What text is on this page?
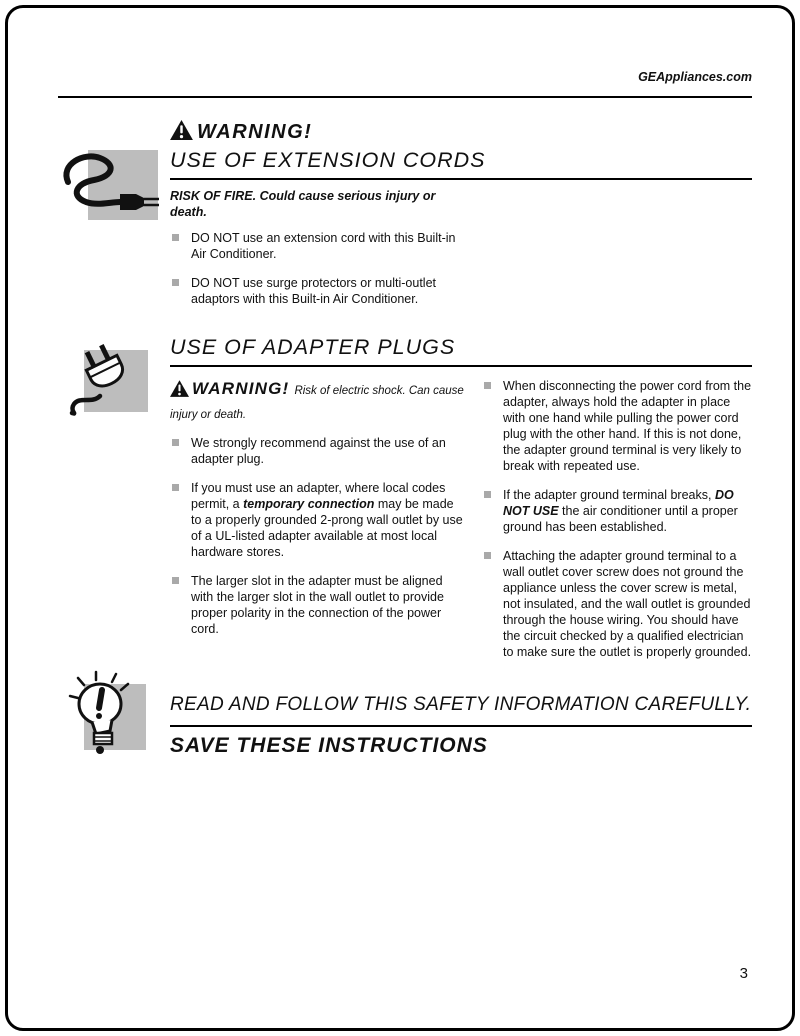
GEAppliances.com
WARNING!
USE OF EXTENSION CORDS

RISK OF FIRE. Could cause serious injury or death.

DO NOT use an extension cord with this Built-in Air Conditioner.
DO NOT use surge protectors or multi-outlet adaptors with this Built-in Air Conditioner.
USE OF ADAPTER PLUGS
WARNING! Risk of electric shock. Can cause injury or death.
We strongly recommend against the use of an adapter plug.
If you must use an adapter, where local codes permit, a temporary connection may be made to a properly grounded 2-prong wall outlet by use of a UL-listed adapter available at most local hardware stores.
The larger slot in the adapter must be aligned with the larger slot in the wall outlet to provide proper polarity in the connection of the power cord.
When disconnecting the power cord from the adapter, always hold the adapter in place with one hand while pulling the power cord plug with the other hand. If this is not done, the adapter ground terminal is very likely to break with repeated use.
If the adapter ground terminal breaks, DO NOT USE the air conditioner until a proper ground has been established.
Attaching the adapter ground terminal to a wall outlet cover screw does not ground the appliance unless the cover screw is metal, not insulated, and the wall outlet is grounded through the house wiring. You should have the circuit checked by a qualified electrician to make sure the outlet is properly grounded.
READ AND FOLLOW THIS SAFETY INFORMATION CAREFULLY.
SAVE THESE INSTRUCTIONS
3
